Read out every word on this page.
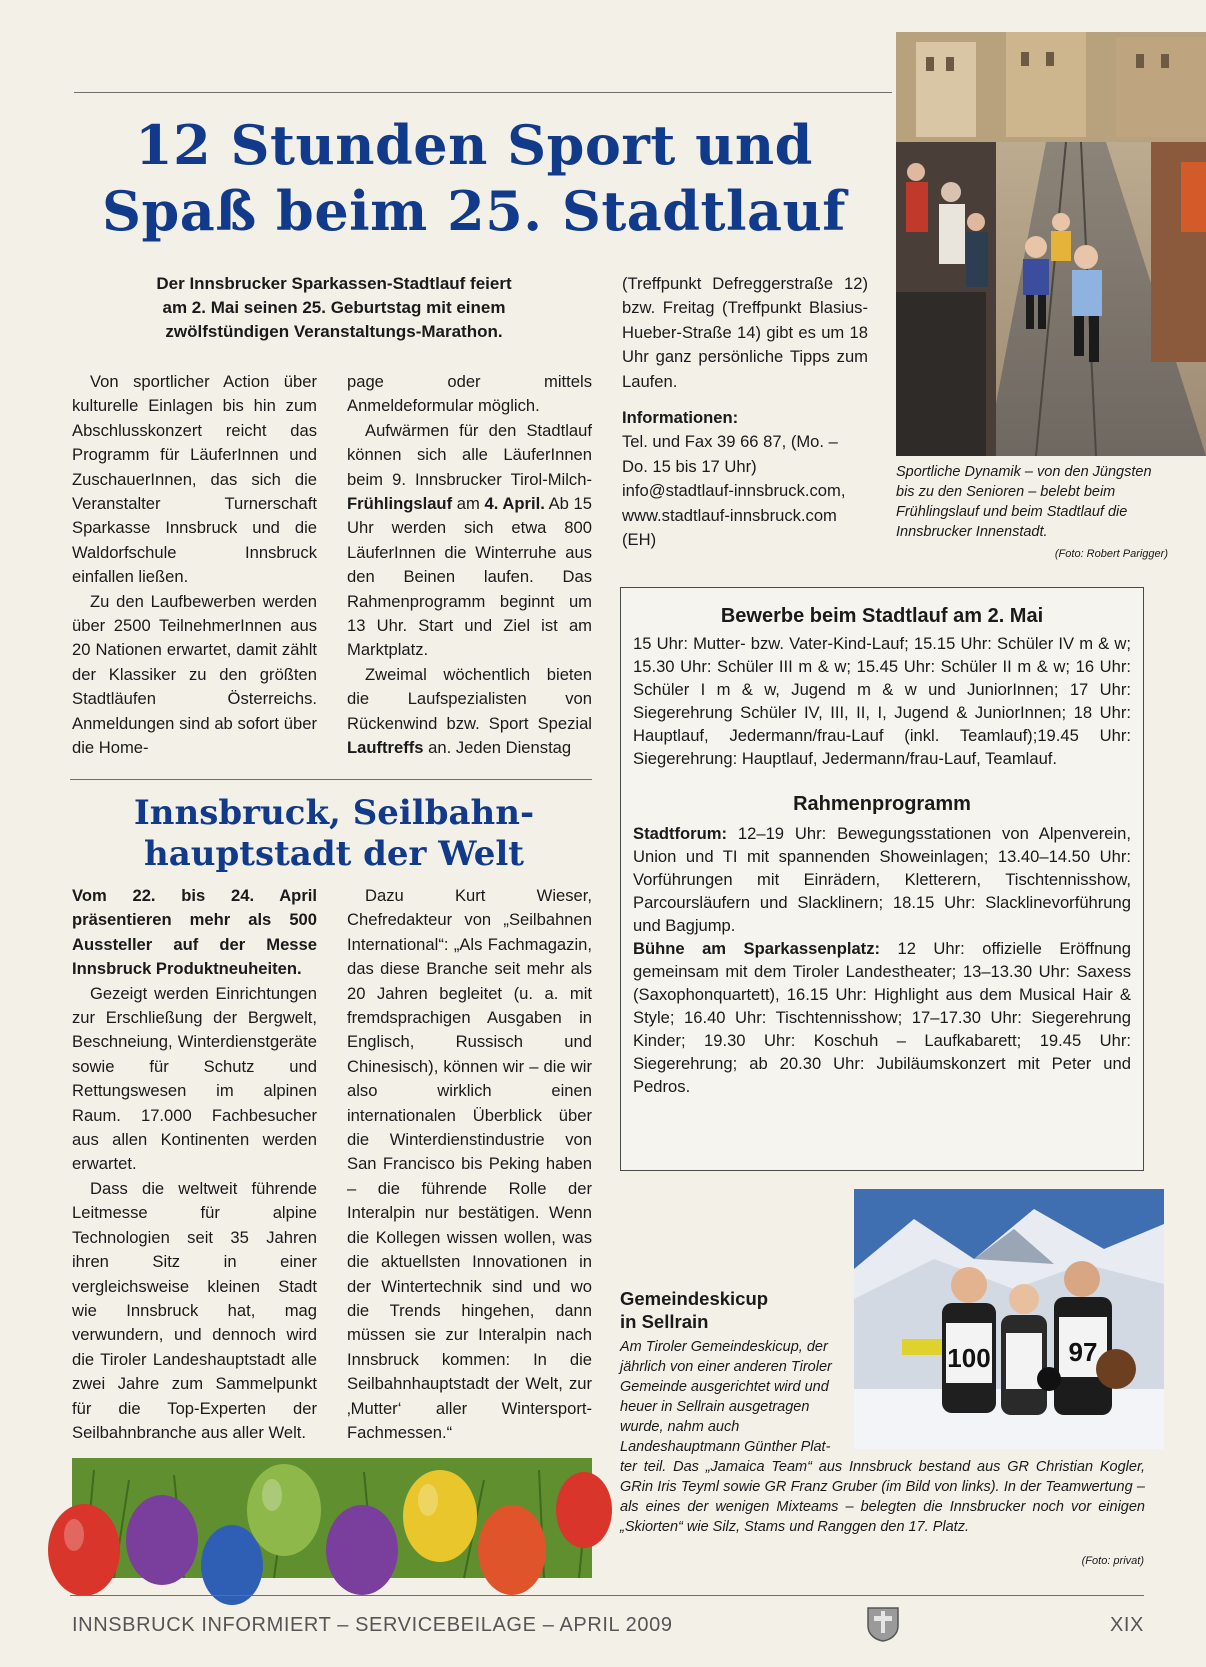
12 Stunden Sport und
Spaß beim 25. Stadtlauf
Der Innsbrucker Sparkassen-Stadtlauf feiert
am 2. Mai seinen 25. Geburtstag mit einem
zwölfstündigen Veranstaltungs-Marathon.

Von sportlicher Action über kulturelle Einlagen bis hin zum Abschlusskonzert reicht das Programm für LäuferInnen und ZuschauerInnen, das sich die Veranstalter Turnerschaft Sparkasse Innsbruck und die Waldorfschule Innsbruck einfallen ließen.

Zu den Laufbewerben werden über 2500 TeilnehmerInnen aus 20 Nationen erwartet, damit zählt der Klassiker zu den größten Stadtläufen Österreichs. Anmeldungen sind ab sofort über die Home-

page oder mittels Anmeldeformular möglich.

Aufwärmen für den Stadtlauf können sich alle LäuferInnen beim 9. Innsbrucker Tirol-Milch-Frühlingslauf am 4. April. Ab 15 Uhr werden sich etwa 800 LäuferInnen die Winterruhe aus den Beinen laufen. Das Rahmenprogramm beginnt um 13 Uhr. Start und Ziel ist am Marktplatz.

Zweimal wöchentlich bieten die Laufspezialisten von Rückenwind bzw. Sport Spezial Lauftreffs an. Jeden Dienstag

(Treffpunkt Defreggerstraße 12) bzw. Freitag (Treffpunkt Blasius-Hueber-Straße 14) gibt es um 18 Uhr ganz persönliche Tipps zum Laufen.

Informationen:

Tel. und Fax 39 66 87, (Mo. – Do. 15 bis 17 Uhr) info@stadtlauf-innsbruck.com, www.stadtlauf-innsbruck.com (EH)

Sportliche Dynamik – von den Jüngsten bis zu den Senioren – belebt beim Frühlingslauf und beim Stadtlauf die Innsbrucker Innenstadt.
(Foto: Robert Parigger)
Bewerbe beim Stadtlauf am 2. Mai
15 Uhr: Mutter- bzw. Vater-Kind-Lauf; 15.15 Uhr: Schüler IV m & w; 15.30 Uhr: Schüler III m & w; 15.45 Uhr: Schüler II m & w; 16 Uhr: Schüler I m & w, Jugend m & w und JuniorInnen; 17 Uhr: Siegerehrung Schüler IV, III, II, I, Jugend & JuniorInnen; 18 Uhr: Hauptlauf, Jedermann/frau-Lauf (inkl. Teamlauf);19.45 Uhr: Siegerehrung: Hauptlauf, Jedermann/frau-Lauf, Teamlauf.
Rahmenprogramm
Stadtforum: 12–19 Uhr: Bewegungsstationen von Alpenverein, Union und TI mit spannenden Showeinlagen; 13.40–14.50 Uhr: Vorführungen mit Einrädern, Kletterern, Tischtennisshow, Parcoursläufern und Slacklinern; 18.15 Uhr: Slacklinevorführung und Bagjump.
Bühne am Sparkassenplatz: 12 Uhr: offizielle Eröffnung gemeinsam mit dem Tiroler Landestheater; 13–13.30 Uhr: Saxess (Saxophonquartett), 16.15 Uhr: Highlight aus dem Musical Hair & Style; 16.40 Uhr: Tischtennisshow; 17–17.30 Uhr: Siegerehrung Kinder; 19.30 Uhr: Koschuh – Laufkabarett; 19.45 Uhr: Siegerehrung; ab 20.30 Uhr: Jubiläumskonzert mit Peter und Pedros.
Innsbruck, Seilbahn-
hauptstadt der Welt

Vom 22. bis 24. April präsentieren mehr als 500 Aussteller auf der Messe Innsbruck Produktneuheiten.

Gezeigt werden Einrichtungen zur Erschließung der Bergwelt, Beschneiung, Winterdienstgeräte sowie für Schutz und Rettungswesen im alpinen Raum. 17.000 Fachbesucher aus allen Kontinenten werden erwartet.

Dass die weltweit führende Leitmesse für alpine Technologien seit 35 Jahren ihren Sitz in einer vergleichsweise kleinen Stadt wie Innsbruck hat, mag verwundern, und dennoch wird die Tiroler Landeshauptstadt alle zwei Jahre zum Sammelpunkt für die Top-Experten der Seilbahnbranche aus aller Welt.

Dazu Kurt Wieser, Chefredakteur von „Seilbahnen International“: „Als Fachmagazin, das diese Branche seit mehr als 20 Jahren begleitet (u. a. mit fremdsprachigen Ausgaben in Englisch, Russisch und Chinesisch), können wir – die wir also wirklich einen internationalen Überblick über die Winterdienstindustrie von San Francisco bis Peking haben – die führende Rolle der Interalpin nur bestätigen. Wenn die Kollegen wissen wollen, was die aktuellsten Innovationen in der Wintertechnik sind und wo die Trends hingehen, dann müssen sie zur Interalpin nach Innsbruck kommen: In die Seilbahnhauptstadt der Welt, zur ‚Mutter‘ aller Wintersport-Fachmessen.“

100	97
Gemeindeskicup
in Sellrain
Am Tiroler Gemeindeskicup, der jährlich von einer anderen Tiroler Gemeinde ausgerichtet wird und heuer in Sellrain ausgetragen wurde, nahm auch Landeshauptmann Günther Plat-
ter teil. Das „Jamaica Team“ aus Innsbruck bestand aus GR Christian Kogler, GRin Iris Teyml sowie GR Franz Gruber (im Bild von links). In der Teamwertung – als eines der wenigen Mixteams – belegten die Innsbrucker noch vor einigen „Skiorten“ wie Silz, Stams und Ranggen den 17. Platz.
(Foto: privat)
INNSBRUCK INFORMIERT – SERVICEBEILAGE – APRIL 2009	XIX
